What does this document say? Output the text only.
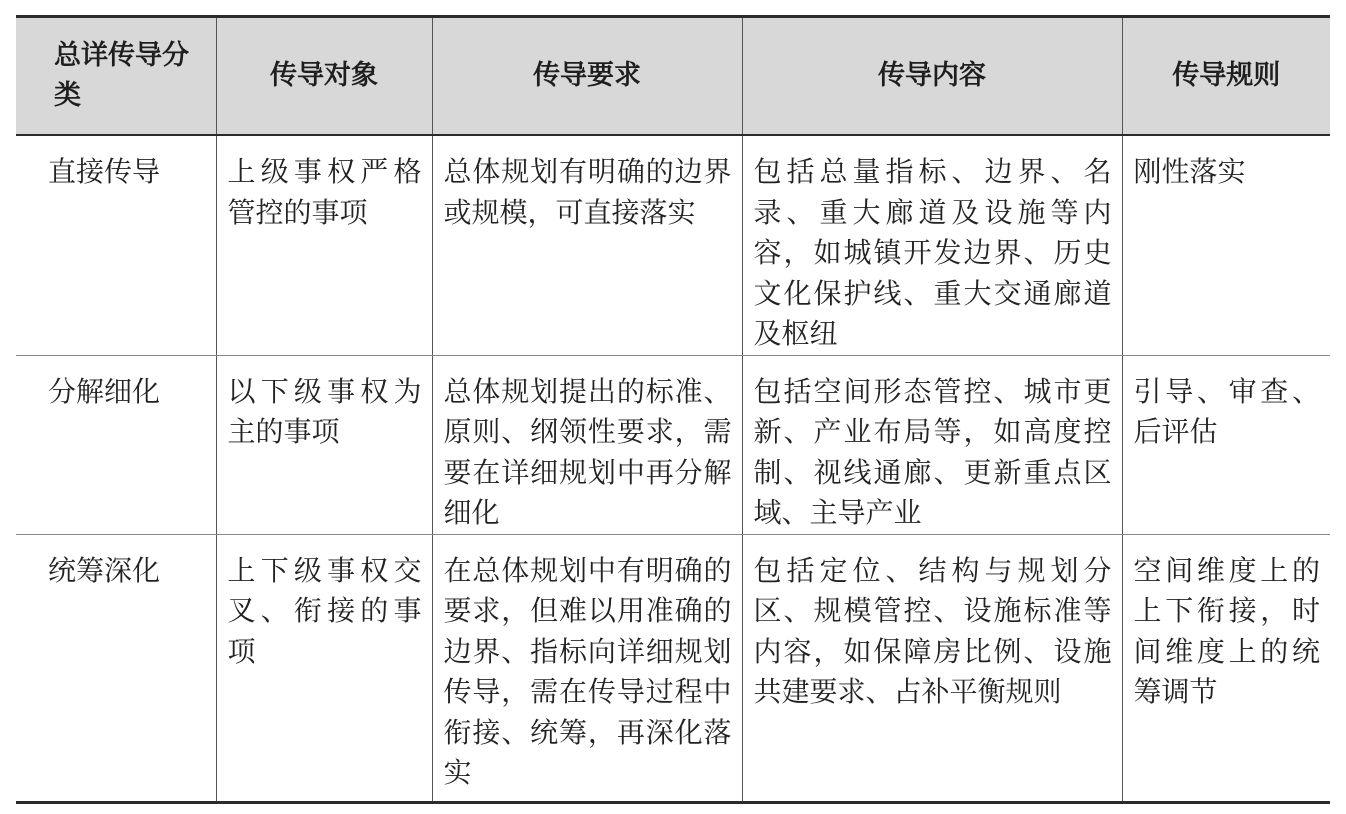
总详传导分类	传导对象	传导要求	传导内容	传导规则
直接传导	上级事权严格管控的事项	总体规划有明确的边界或规模，可直接落实	包括总量指标、边界、名录、重大廊道及设施等内容，如城镇开发边界、历史文化保护线、重大交通廊道及枢纽	刚性落实
分解细化	以下级事权为主的事项	总体规划提出的标准、原则、纲领性要求，需要在详细规划中再分解细化	包括空间形态管控、城市更新、产业布局等，如高度控制、视线通廊、更新重点区域、主导产业	引导、审查、后评估
统筹深化	上下级事权交叉、衔接的事项	在总体规划中有明确的要求，但难以用准确的边界、指标向详细规划传导，需在传导过程中衔接、统筹，再深化落实	包括定位、结构与规划分区、规模管控、设施标准等内容，如保障房比例、设施共建要求、占补平衡规则	空间维度上的上下衔接，时间维度上的统筹调节
